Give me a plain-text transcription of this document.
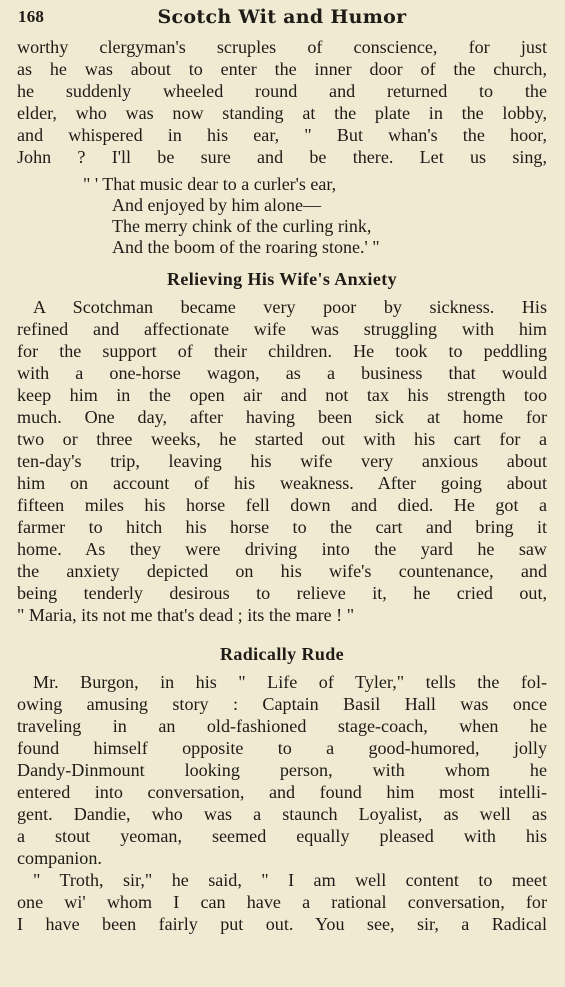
168	Scotch Wit and Humor
worthy clergyman's scruples of conscience, for just
as he was about to enter the inner door of the church,
he suddenly wheeled round and returned to the
elder, who was now standing at the plate in the lobby,
and whispered in his ear, " But whan's the hoor,
John ? I'll be sure and be there. Let us sing,
" ' That music dear to a curler's ear,
And enjoyed by him alone—
The merry chink of the curling rink,
And the boom of the roaring stone.' "
Relieving His Wife's Anxiety
A Scotchman became very poor by sickness. His
refined and affectionate wife was struggling with him
for the support of their children. He took to peddling
with a one-horse wagon, as a business that would
keep him in the open air and not tax his strength too
much. One day, after having been sick at home for
two or three weeks, he started out with his cart for a
ten-day's trip, leaving his wife very anxious about
him on account of his weakness. After going about
fifteen miles his horse fell down and died. He got a
farmer to hitch his horse to the cart and bring it
home. As they were driving into the yard he saw
the anxiety depicted on his wife's countenance, and
being tenderly desirous to relieve it, he cried out,
" Maria, its not me that's dead ; its the mare ! "
Radically Rude
Mr. Burgon, in his " Life of Tyler," tells the fol-
owing amusing story : Captain Basil Hall was once
traveling in an old-fashioned stage-coach, when he
found himself opposite to a good-humored, jolly
Dandy-Dinmount looking person, with whom he
entered into conversation, and found him most intelli-
gent. Dandie, who was a staunch Loyalist, as well as
a stout yeoman, seemed equally pleased with his
companion.
" Troth, sir," he said, " I am well content to meet
one wi' whom I can have a rational conversation, for
I have been fairly put out. You see, sir, a Radical
